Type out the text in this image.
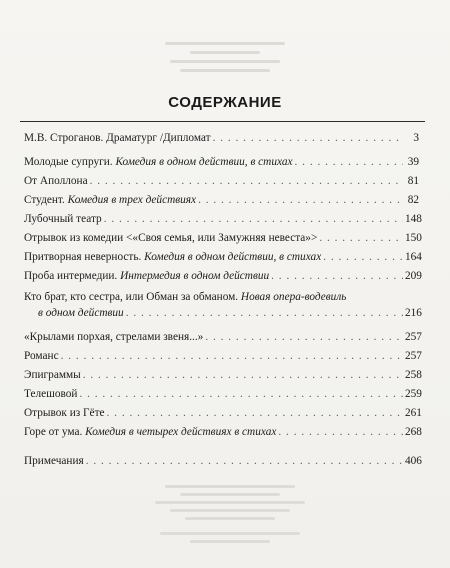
СОДЕРЖАНИЕ
М.В. Строганов. Драматург /Дипломат . . .	3
Молодые супруги. Комедия в одном действии, в стихах . . .	39
От Аполлона . . .	81
Студент. Комедия в трех действиях . . .	82
Лубочный театр . . .	148
Отрывок из комедии <«Своя семья, или Замужняя невеста»> . . .	150
Притворная неверность. Комедия в одном действии, в стихах . . .	164
Проба интермедии. Интермедия в одном действии . . .	209
Кто брат, кто сестра, или Обман за обманом. Новая опера-водевиль
в одном действии . . .	216
«Крылами порхая, стрелами звеня...» . . .	257
Романс . . .	257
Эпиграммы . . .	258
Телешовой . . .	259
Отрывок из Гёте . . .	261
Горе от ума. Комедия в четырех действиях в стихах . . .	268
Примечания . . .	406
